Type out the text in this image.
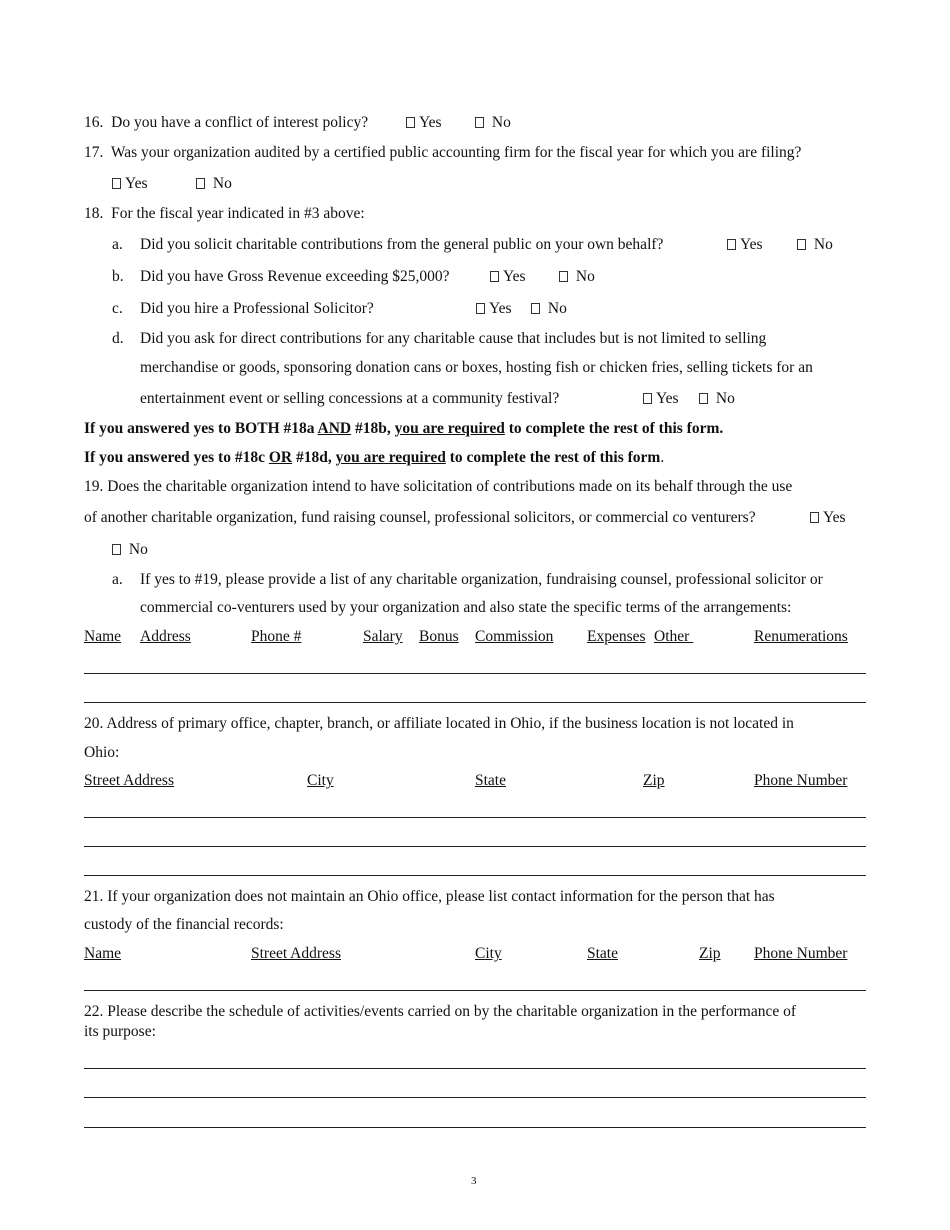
16. Do you have a conflict of interest policy?	Yes	No
17. Was your organization audited by a certified public accounting firm for the fiscal year for which you are filing?
Yes	No
18. For the fiscal year indicated in #3 above:
a. Did you solicit charitable contributions from the general public on your own behalf?	Yes	No
b. Did you have Gross Revenue exceeding $25,000?	Yes	No
c. Did you hire a Professional Solicitor?	Yes	No
d. Did you ask for direct contributions for any charitable cause that includes but is not limited to selling
merchandise or goods, sponsoring donation cans or boxes, hosting fish or chicken fries, selling tickets for an
entertainment event or selling concessions at a community festival?	Yes	No
If you answered yes to BOTH #18a AND #18b, you are required to complete the rest of this form.
If you answered yes to #18c OR #18d, you are required to complete the rest of this form.
19. Does the charitable organization intend to have solicitation of contributions made on its behalf through the use
of another charitable organization, fund raising counsel, professional solicitors, or commercial co venturers?	Yes
No
a. If yes to #19, please provide a list of any charitable organization, fundraising counsel, professional solicitor or
commercial co-venturers used by your organization and also state the specific terms of the arrangements:
Name Address	Phone #	Salary Bonus Commission Expenses Other	Renumerations
20. Address of primary office, chapter, branch, or affiliate located in Ohio, if the business location is not located in
Ohio:
Street Address	City	State	Zip	Phone Number
21. If your organization does not maintain an Ohio office, please list contact information for the person that has
custody of the financial records:
Name	Street Address	City	State	Zip Phone Number
22. Please describe the schedule of activities/events carried on by the charitable organization in the performance of
its purpose:
3
